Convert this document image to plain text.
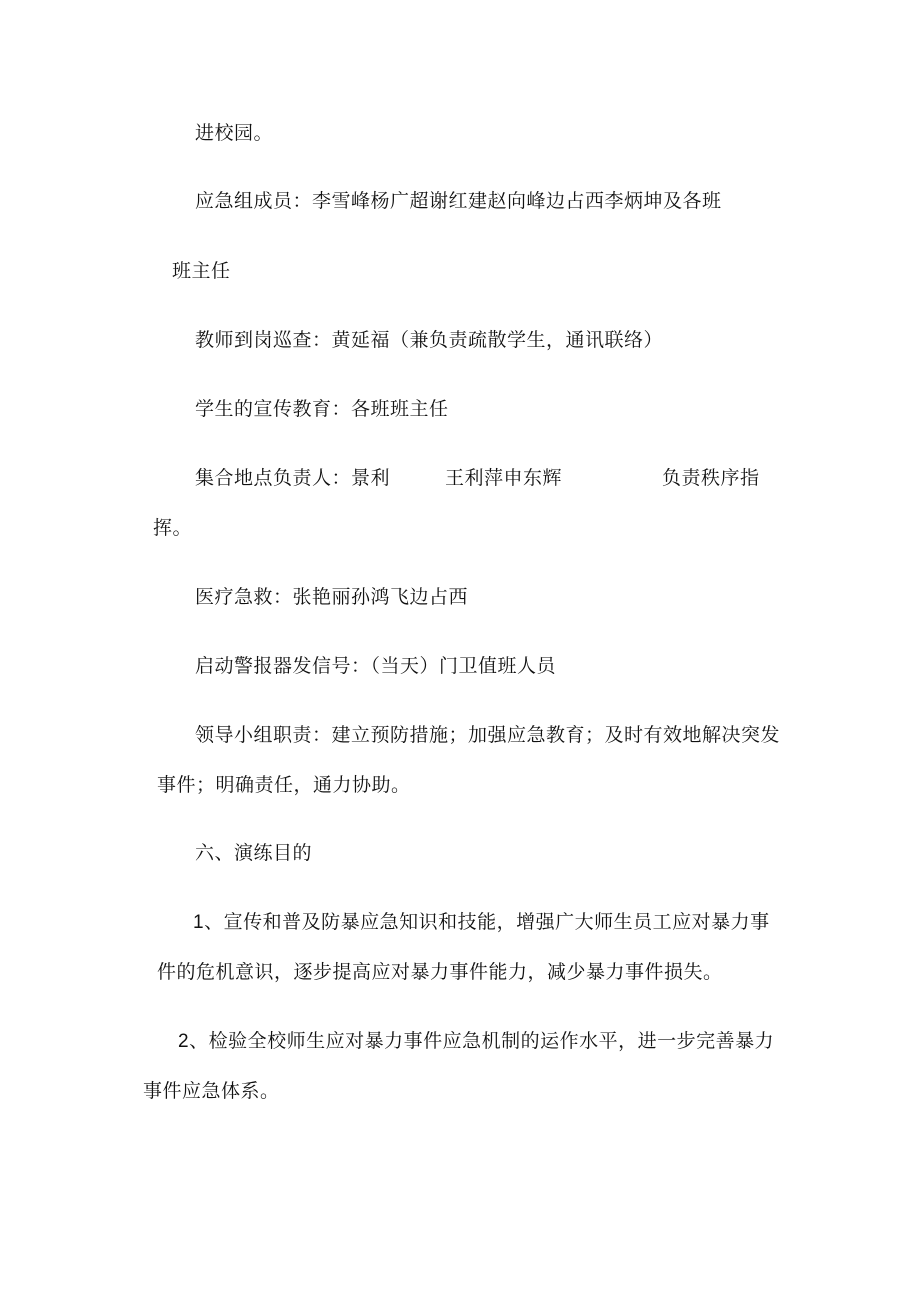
进校园。
应急组成员：李雪峰杨广超谢红建赵向峰边占西李炳坤及各班
班主任
教师到岗巡查：黄延福（兼负责疏散学生，通讯联络）
学生的宣传教育：各班班主任
集合地点负责人：景利	王利萍申东辉	负责秩序指
挥。
医疗急救：张艳丽孙鸿飞边占西
启动警报器发信号：（当天）门卫值班人员
领导小组职责：建立预防措施；加强应急教育；及时有效地解决突发
事件；明确责任，通力协助。
六、演练目的
1、宣传和普及防暴应急知识和技能，增强广大师生员工应对暴力事
件的危机意识，逐步提高应对暴力事件能力，减少暴力事件损失。
2、检验全校师生应对暴力事件应急机制的运作水平，进一步完善暴力
事件应急体系。
